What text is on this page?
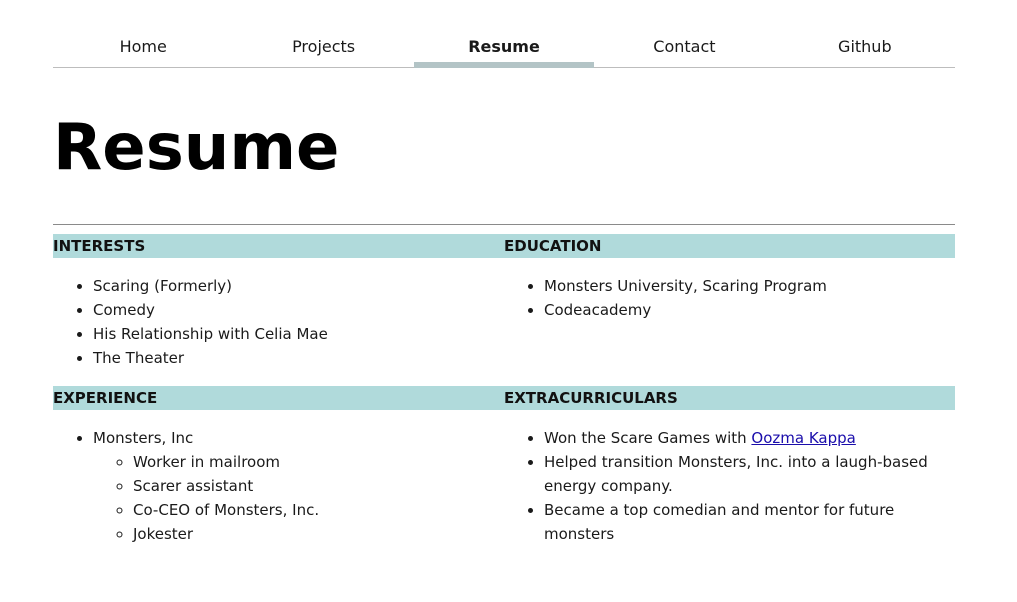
Home	Projects	Resume	Contact	Github
Resume
INTERESTS
• Scaring (Formerly)
• Comedy
• His Relationship with Celia Mae
• The Theater
EDUCATION
• Monsters University, Scaring Program
• Codeacademy
EXPERIENCE
• Monsters, Inc
◦ Worker in mailroom
◦ Scarer assistant
◦ Co-CEO of Monsters, Inc.
◦ Jokester
EXTRACURRICULARS
• Won the Scare Games with Oozma Kappa
• Helped transition Monsters, Inc. into a laugh-based energy company.
• Became a top comedian and mentor for future monsters
